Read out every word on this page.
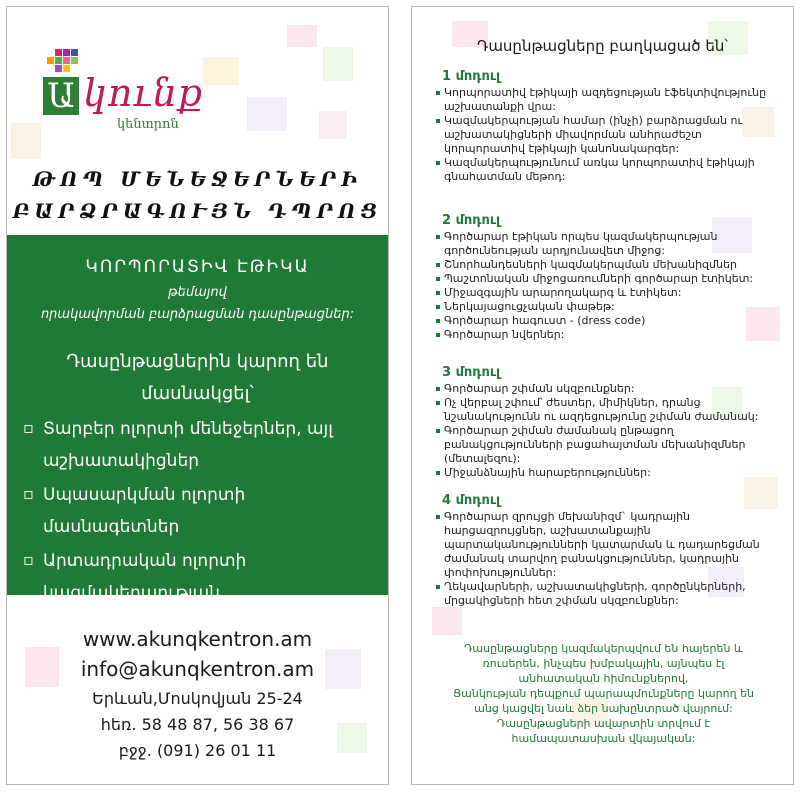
Ա կունք
կենտրոն
ԹՈՊ ՄԵՆԵՋԵՐՆԵՐԻ
ԲԱՐՁՐԱԳՈՒՅՆ ԴՊՐՈՑ
ԿՈՐՊՈՐԱՏԻՎ ԷԹԻԿԱ
թեմայով
որակավորման բարձրացման դասընթացներ:
Դասընթացներին կարող են
մասնակցել՝
▫ Տարբեր ոլորտի մենեջերներ, այլ աշխատակիցներ
▫ Սպասարկման ոլորտի մասնագետներ
▫ Արտադրական ոլորտի կազմակերպության աշխատակիցներ
www.akunqkentron.am
info@akunqkentron.am
Երևան,Մոսկովյան 25-24
հեռ. 58 48 87, 56 38 67
բջջ. (091) 26 01 11
Դասընթացները բաղկացած են՝
1 մոդուլ
Կորպորատիվ էթիկայի ազդեցության էֆեկտիվությունը աշխատանքի վրա:
Կազմակերպության համար (ինչի) բարձրացման ու աշխատակիցների միավորման անհրաժեշտ կորպորատիվ էթիկայի կանոնակարգեր:
Կազմակերպությունում առկա կորպորատիվ էթիկայի գնահատման մեթոդ:
2 մոդուլ
Գործարար էթիկան որպես կազմակերպության գործունեության արդյունավետ միջոց:
Շնորհանդեսների կազմակերպման մեխանիզմներ
Պաշտոնական միջոցառումների գործարար էտիկետ:
Միջազգային արարողակարգ և էտիկետ:
Ներկայացուցչական փաթեթ:
Գործարար հագուստ - (dress code)
Գործարար նվերներ:
3 մոդուլ
Գործարար շփման սկզբունքներ:
Ոչ վերբալ շփում՝ ժեստեր, միմիկներ, դրանց նշանակությունն ու ազդեցությունը շփման ժամանակ:
Գործարար շփման ժամանակ ընթացող բանակցությունների բացահայտման մեխանիզմներ (մետալեզու):
Միջանձնային հարաբերություններ:
4 մոդուլ
Գործարար զրույցի մեխանիզմ` կադրային հարցազրույցներ, աշխատանքային պարտականությունների կատարման և դադարեցման ժամանակ տարվող բանակցություններ, կադրային փոփոխություններ:
Ղեկավարների, աշխատակիցների, գործընկերների, մրցակիցների հետ շփման սկզբունքներ:
Դասընթացները կազմակերպվում են հայերեն և
ռուսերեն, ինչպես խմբակային, այնպես էլ
անհատական հիմունքներով,
Ցանկության դեպքում պարապմունքները կարող են
անց կացվել նաև ձեր նախընտրած վայրում:
Դասընթացների ավարտին տրվում է
համապատասխան վկայական:
